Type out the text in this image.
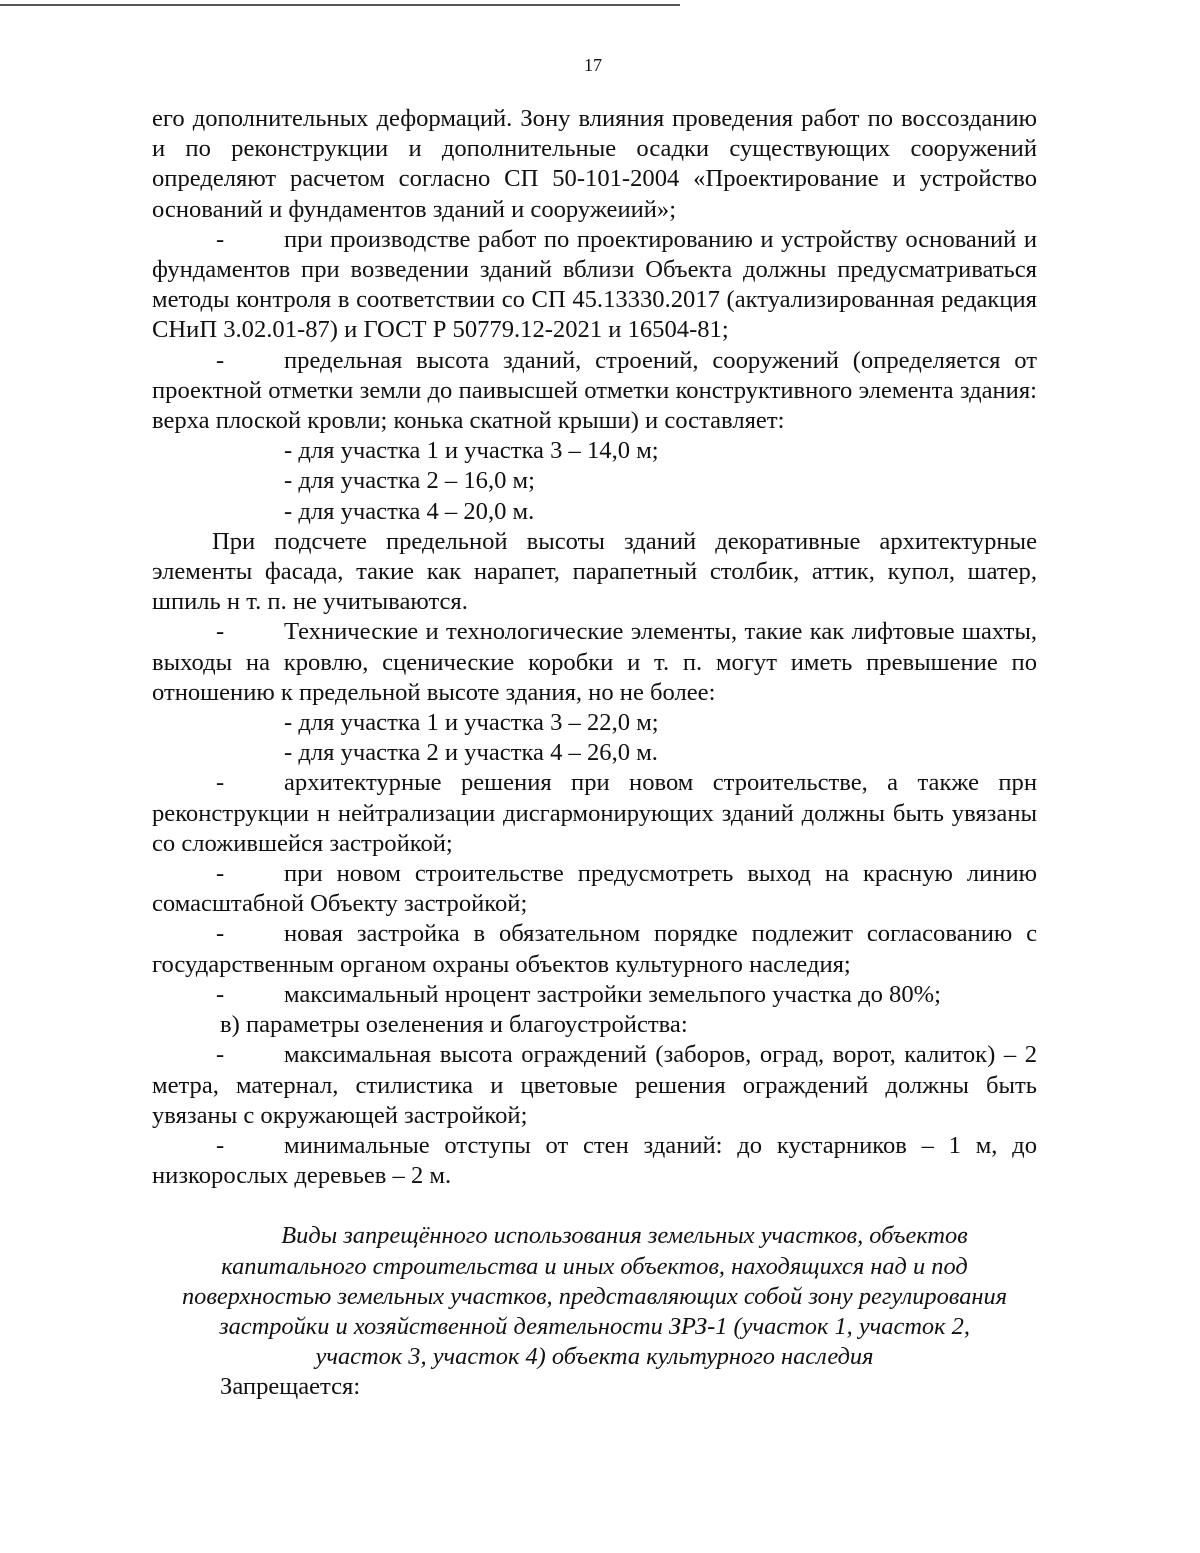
17

его дополнительных деформаций. Зону влияния проведения работ по воссозданию и по реконструкции и дополнительные осадки существующих сооружений определяют расчетом согласно СП 50-101-2004 «Проектирование и устройство оснований и фундаментов зданий и сооружеиий»;

- при производстве работ по проектированию и устройству оснований и фундаментов при возведении зданий вблизи Объекта должны предусматриваться методы контроля в соответствии со СП 45.13330.2017 (актуализированная редакция СНиП 3.02.01-87) и ГОСТ Р 50779.12-2021 и 16504-81;

- предельная высота зданий, строений, сооружений (определяется от проектной отметки земли до паивысшей отметки конструктивного элемента здания: верха плоской кровли; конька скатной крыши) и составляет:

- для участка 1 и участка 3 – 14,0 м;

- для участка 2 – 16,0 м;

- для участка 4 – 20,0 м.

При подсчете предельной высоты зданий декоративные архитектурные элементы фасада, такие как нарапет, парапетный столбик, аттик, купол, шатер, шпиль н т. п. не учитываются.

- Технические и технологические элементы, такие как лифтовые шахты, выходы на кровлю, сценические коробки и т. п. могут иметь превышение по отношению к предельной высоте здания, но не более:

- для участка 1 и участка 3 – 22,0 м;

- для участка 2 и участка 4 – 26,0 м.

- архитектурные решения при новом строительстве, а также прн реконструкции н нейтрализации дисгармонирующих зданий должны быть увязаны со сложившейся застройкой;

- при новом строительстве предусмотреть выход на красную линию сомасштабной Объекту застройкой;

- новая застройка в обязательном порядке подлежит согласованию с государственным органом охраны объектов культурного наследия;

- максимальный нроцент застройки земельпого участка до 80%;

в) параметры озеленения и благоустройства:

- максимальная высота ограждений (заборов, оград, ворот, калиток) – 2 метра, матернал, стилистика и цветовые решения ограждений должны быть увязаны с окружающей застройкой;

- минимальные отступы от стен зданий: до кустарников – 1 м, до низкорослых деревьев – 2 м.

Виды запрещённого использования земельных участков, объектов
капитального строительства и иных объектов, находящихся над и под
поверхностью земельных участков, представляющих собой зону регулирования
застройки и хозяйственной деятельности ЗРЗ-1 (участок 1, участок 2,
участок 3, участок 4) объекта культурного наследия

Запрещается:
